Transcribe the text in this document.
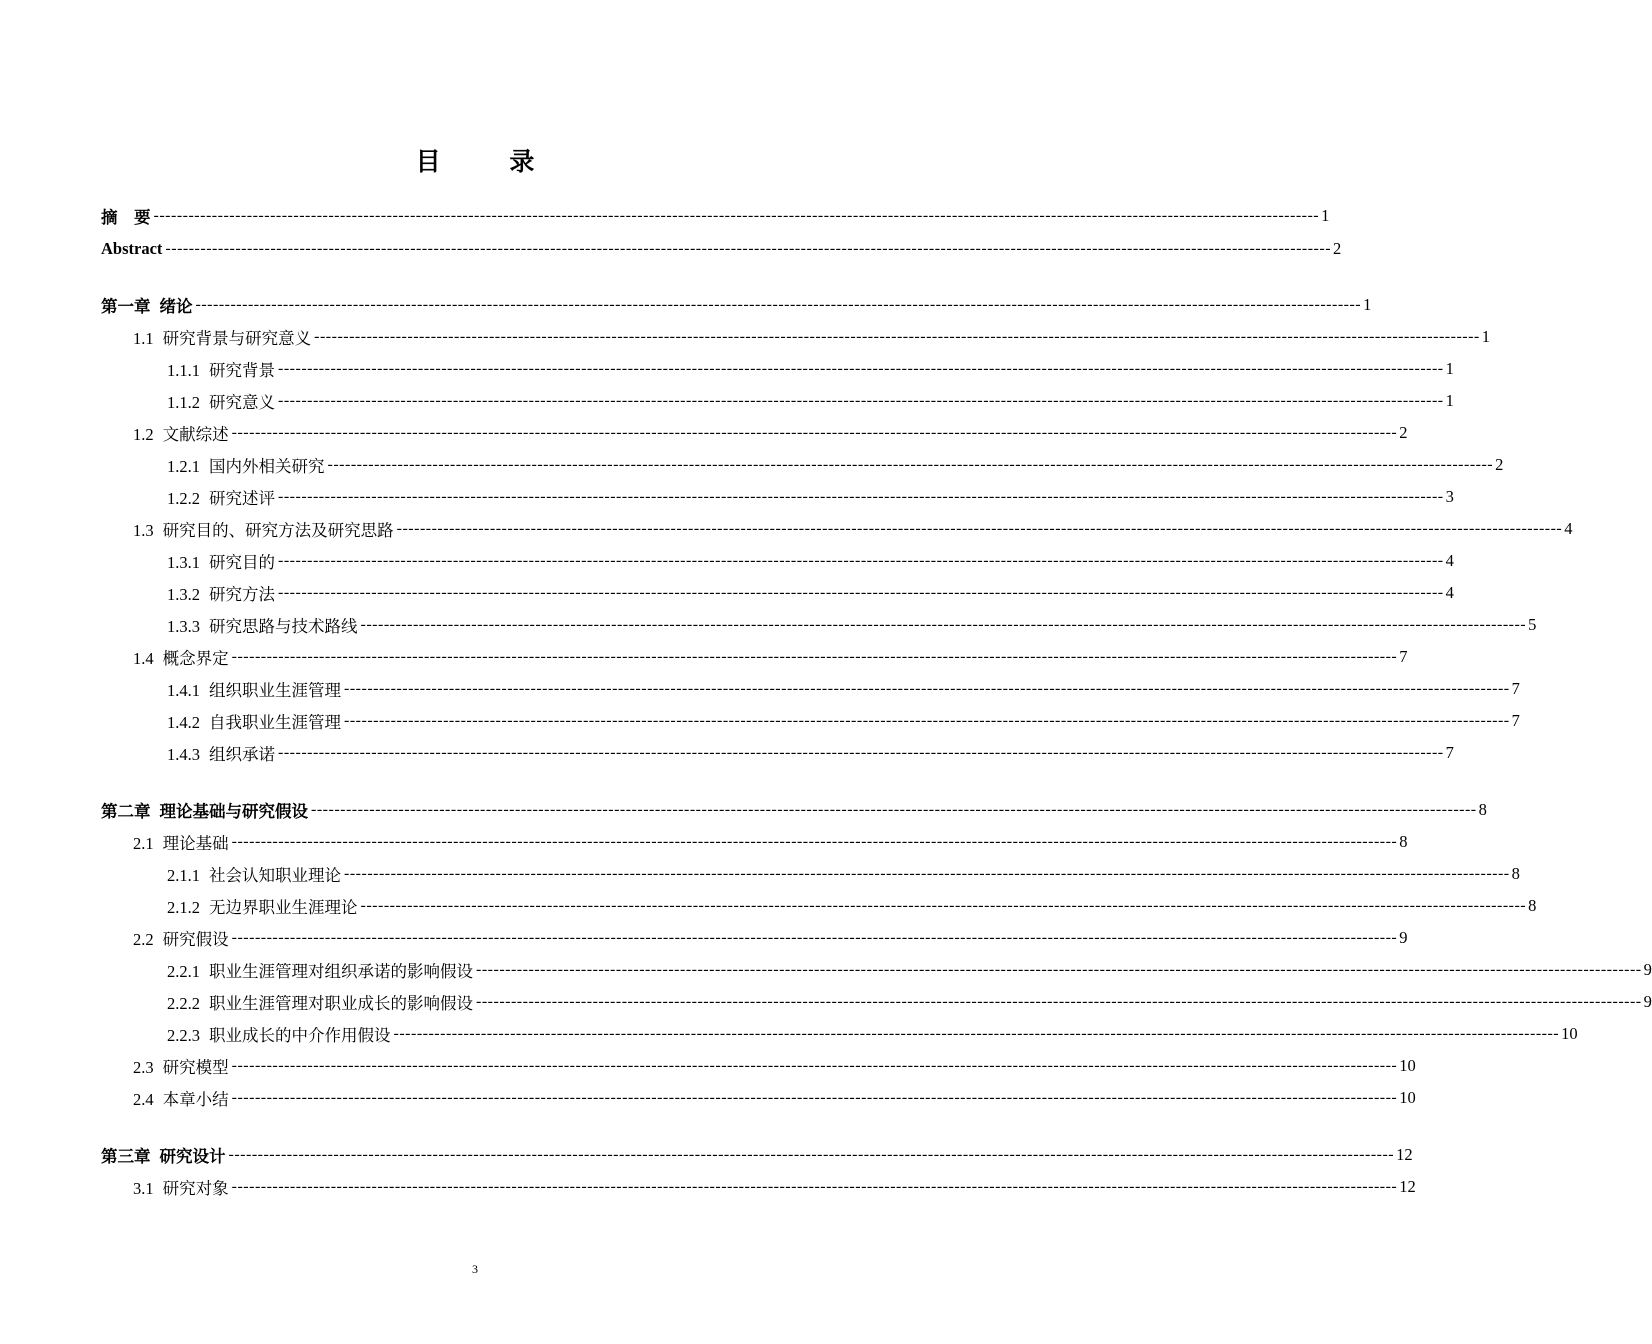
目 录
摘　要 -------------------------------------------------------------------------------------------------------------------------------------------------------------------------------------------------------- 1
Abstract -------------------------------------------------------------------------------------------------------------------------------------------------------------------------------------------------------- 2
第一章 绪论 -------------------------------------------------------------------------------------------------------------------------------------------------------------------------------------------------------- 1
1.1 研究背景与研究意义 -------------------------------------------------------------------------------------------------------------------------------------------------------------------------------------------------------- 1
1.1.1 研究背景 -------------------------------------------------------------------------------------------------------------------------------------------------------------------------------------------------------- 1
1.1.2 研究意义 -------------------------------------------------------------------------------------------------------------------------------------------------------------------------------------------------------- 1
1.2 文献综述 -------------------------------------------------------------------------------------------------------------------------------------------------------------------------------------------------------- 2
1.2.1 国内外相关研究 -------------------------------------------------------------------------------------------------------------------------------------------------------------------------------------------------------- 2
1.2.2 研究述评 -------------------------------------------------------------------------------------------------------------------------------------------------------------------------------------------------------- 3
1.3 研究目的、研究方法及研究思路 -------------------------------------------------------------------------------------------------------------------------------------------------------------------------------------------------------- 4
1.3.1 研究目的 -------------------------------------------------------------------------------------------------------------------------------------------------------------------------------------------------------- 4
1.3.2 研究方法 -------------------------------------------------------------------------------------------------------------------------------------------------------------------------------------------------------- 4
1.3.3 研究思路与技术路线 -------------------------------------------------------------------------------------------------------------------------------------------------------------------------------------------------------- 5
1.4 概念界定 -------------------------------------------------------------------------------------------------------------------------------------------------------------------------------------------------------- 7
1.4.1 组织职业生涯管理 -------------------------------------------------------------------------------------------------------------------------------------------------------------------------------------------------------- 7
1.4.2 自我职业生涯管理 -------------------------------------------------------------------------------------------------------------------------------------------------------------------------------------------------------- 7
1.4.3 组织承诺 -------------------------------------------------------------------------------------------------------------------------------------------------------------------------------------------------------- 7
第二章 理论基础与研究假设 -------------------------------------------------------------------------------------------------------------------------------------------------------------------------------------------------------- 8
2.1 理论基础 -------------------------------------------------------------------------------------------------------------------------------------------------------------------------------------------------------- 8
2.1.1 社会认知职业理论 -------------------------------------------------------------------------------------------------------------------------------------------------------------------------------------------------------- 8
2.1.2 无边界职业生涯理论 -------------------------------------------------------------------------------------------------------------------------------------------------------------------------------------------------------- 8
2.2 研究假设 -------------------------------------------------------------------------------------------------------------------------------------------------------------------------------------------------------- 9
2.2.1 职业生涯管理对组织承诺的影响假设 -------------------------------------------------------------------------------------------------------------------------------------------------------------------------------------------------------- 9
2.2.2 职业生涯管理对职业成长的影响假设 -------------------------------------------------------------------------------------------------------------------------------------------------------------------------------------------------------- 9
2.2.3 职业成长的中介作用假设 -------------------------------------------------------------------------------------------------------------------------------------------------------------------------------------------------------- 10
2.3 研究模型 -------------------------------------------------------------------------------------------------------------------------------------------------------------------------------------------------------- 10
2.4 本章小结 -------------------------------------------------------------------------------------------------------------------------------------------------------------------------------------------------------- 10
第三章 研究设计 -------------------------------------------------------------------------------------------------------------------------------------------------------------------------------------------------------- 12
3.1 研究对象 -------------------------------------------------------------------------------------------------------------------------------------------------------------------------------------------------------- 12
3
